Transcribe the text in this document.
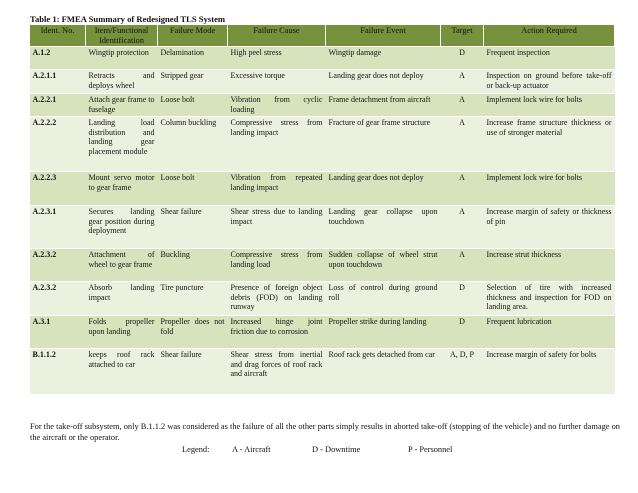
Table 1: FMEA Summary of Redesigned TLS System
Ident. No.	Item/Functional Identification	Failure Mode	Failure Cause	Failure Event	Target	Action Required
A.1.2	Wingtip protection	Delamination	High peel stress	Wingtip damage	D	Frequent inspection
A.2.1.1	Retracts and deploys wheel	Stripped gear	Excessive torque	Landing gear does not deploy	A	Inspection on ground before take-off or back-up actuator
A.2.2.1	Attach gear frame to fuselage	Loose bolt	Vibration from cyclic loading	Frame detachment from aircraft	A	Implement lock wire for bolts
A.2.2.2	Landing load distribution and landing gear placement module	Column buckling	Compressive stress from landing impact	Fracture of gear frame structure	A	Increase frame structure thickness or use of stronger material
A.2.2.3	Mount servo motor to gear frame	Loose bolt	Vibration from repeated landing impact	Landing gear does not deploy	A	Implement lock wire for bolts
A.2.3.1	Secures landing gear position during deployment	Shear failure	Shear stress due to landing impact	Landing gear collapse upon touchdown	A	Increase margin of safety or thickness of pin
A.2.3.2	Attachment of wheel to gear frame	Buckling	Compressive stress from landing load	Sudden collapse of wheel strut upon touchdown	A	Increase strut thickness
A.2.3.2	Absorb landing impact	Tire puncture	Presence of foreign object debris (FOD) on landing runway	Loss of control during ground roll	D	Selection of tire with increased thickness and inspection for FOD on landing area.
A.3.1	Folds propeller upon landing	Propeller does not fold	Increased hinge joint friction due to corrosion	Propeller strike during landing	D	Frequent lubrication
B.1.1.2	keeps roof rack attached to car	Shear failure	Shear stress from inertial and drag forces of roof rack and aircraft	Roof rack gets detached from car	A, D, P	Increase margin of safety for bolts
For the take-off subsystem, only B.1.1.2 was considered as the failure of all the other parts simply results in aborted take-off (stopping of the vehicle) and no further damage on the aircraft or the operator.
Legend:	A - Aircraft	D - Downtime	P - Personnel
